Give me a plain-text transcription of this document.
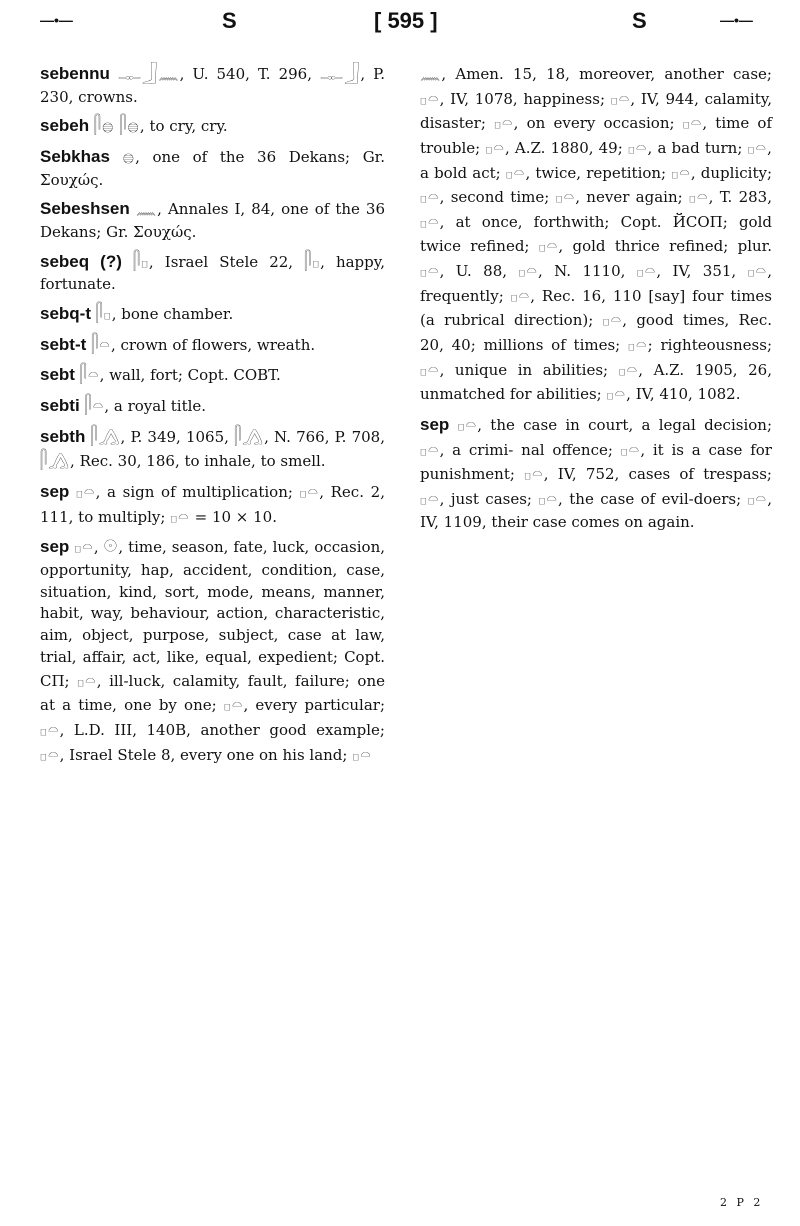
S
—•—	[ 595 ]	S	—•—

sebennu 𓊃𓃀𓈖, U. 540, T. 296, 𓊃𓃀, P. 230, crowns.

sebeh 𓋴𓐍 𓋴𓐍, to cry, cry.

Sebkhas 𓐍, one of the 36 Dekans; Gr. Σουχώς.

Sebeshsen 𓈖, Annales I, 84, one of the 36 Dekans; Gr. Σουχώς.

sebeq (?) 𓋴𓊪, Israel Stele 22, 𓋴𓊪, happy, fortunate.

sebq-t 𓋴𓊪, bone chamber.

sebt-t 𓋴𓏏, crown of flowers, wreath.

sebt 𓋴𓏏, wall, fort; Copt. COBT.

sebti 𓋴𓏏, a royal title.

sebth 𓋴𓂻, P. 349, 1065, 𓋴𓂻, N. 766, P. 708, 𓋴𓂻, Rec. 30, 186, to inhale, to smell.

sep 𓊪𓏏, a sign of multiplication; 𓊪𓏏, Rec. 2, 111, to multiply; 𓊪𓏏 = 10 × 10.

sep 𓊪𓏏, 𓇳, time, season, fate, luck, occasion, opportunity, hap, accident, condition, case, situation, kind, sort, mode, means, manner, habit, way, behaviour, action, characteristic, aim, object, purpose, subject, case at law, trial, affair, act, like, equal, expedient; Copt. CΠ; 𓊪𓏏, ill-luck, calamity, fault, failure; one at a time, one by one; 𓊪𓏏, every particular; 𓊪𓏏, L.D. III, 140B, another good example; 𓊪𓏏, Israel Stele 8, every one on his land; 𓊪𓏏

𓈖, Amen. 15, 18, moreover, another case; 𓊪𓏏, IV, 1078, happiness; 𓊪𓏏, IV, 944, calamity, disaster; 𓊪𓏏, on every occasion; 𓊪𓏏, time of trouble; 𓊪𓏏, A.Z. 1880, 49; 𓊪𓏏, a bad turn; 𓊪𓏏, a bold act; 𓊪𓏏, twice, repetition; 𓊪𓏏, duplicity; 𓊪𓏏, second time; 𓊪𓏏, never again; 𓊪𓏏, T. 283, 𓊪𓏏, at once, forthwith; Copt. ЙCOП; gold twice refined; 𓊪𓏏, gold thrice refined; plur. 𓊪𓏏, U. 88, 𓊪𓏏, N. 1110, 𓊪𓏏, IV, 351, 𓊪𓏏, frequently; 𓊪𓏏, Rec. 16, 110 [say] four times (a rubrical direction); 𓊪𓏏, good times, Rec. 20, 40; millions of times; 𓊪𓏏; righteousness; 𓊪𓏏, unique in abilities; 𓊪𓏏, A.Z. 1905, 26, unmatched for abilities; 𓊪𓏏, IV, 410, 1082.

sep 𓊪𓏏, the case in court, a legal decision; 𓊪𓏏, a crimi- nal offence; 𓊪𓏏, it is a case for punishment; 𓊪𓏏, IV, 752, cases of trespass; 𓊪𓏏, just cases; 𓊪𓏏, the case of evil-doers; 𓊪𓏏, IV, 1109, their case comes on again.

2 P 2
